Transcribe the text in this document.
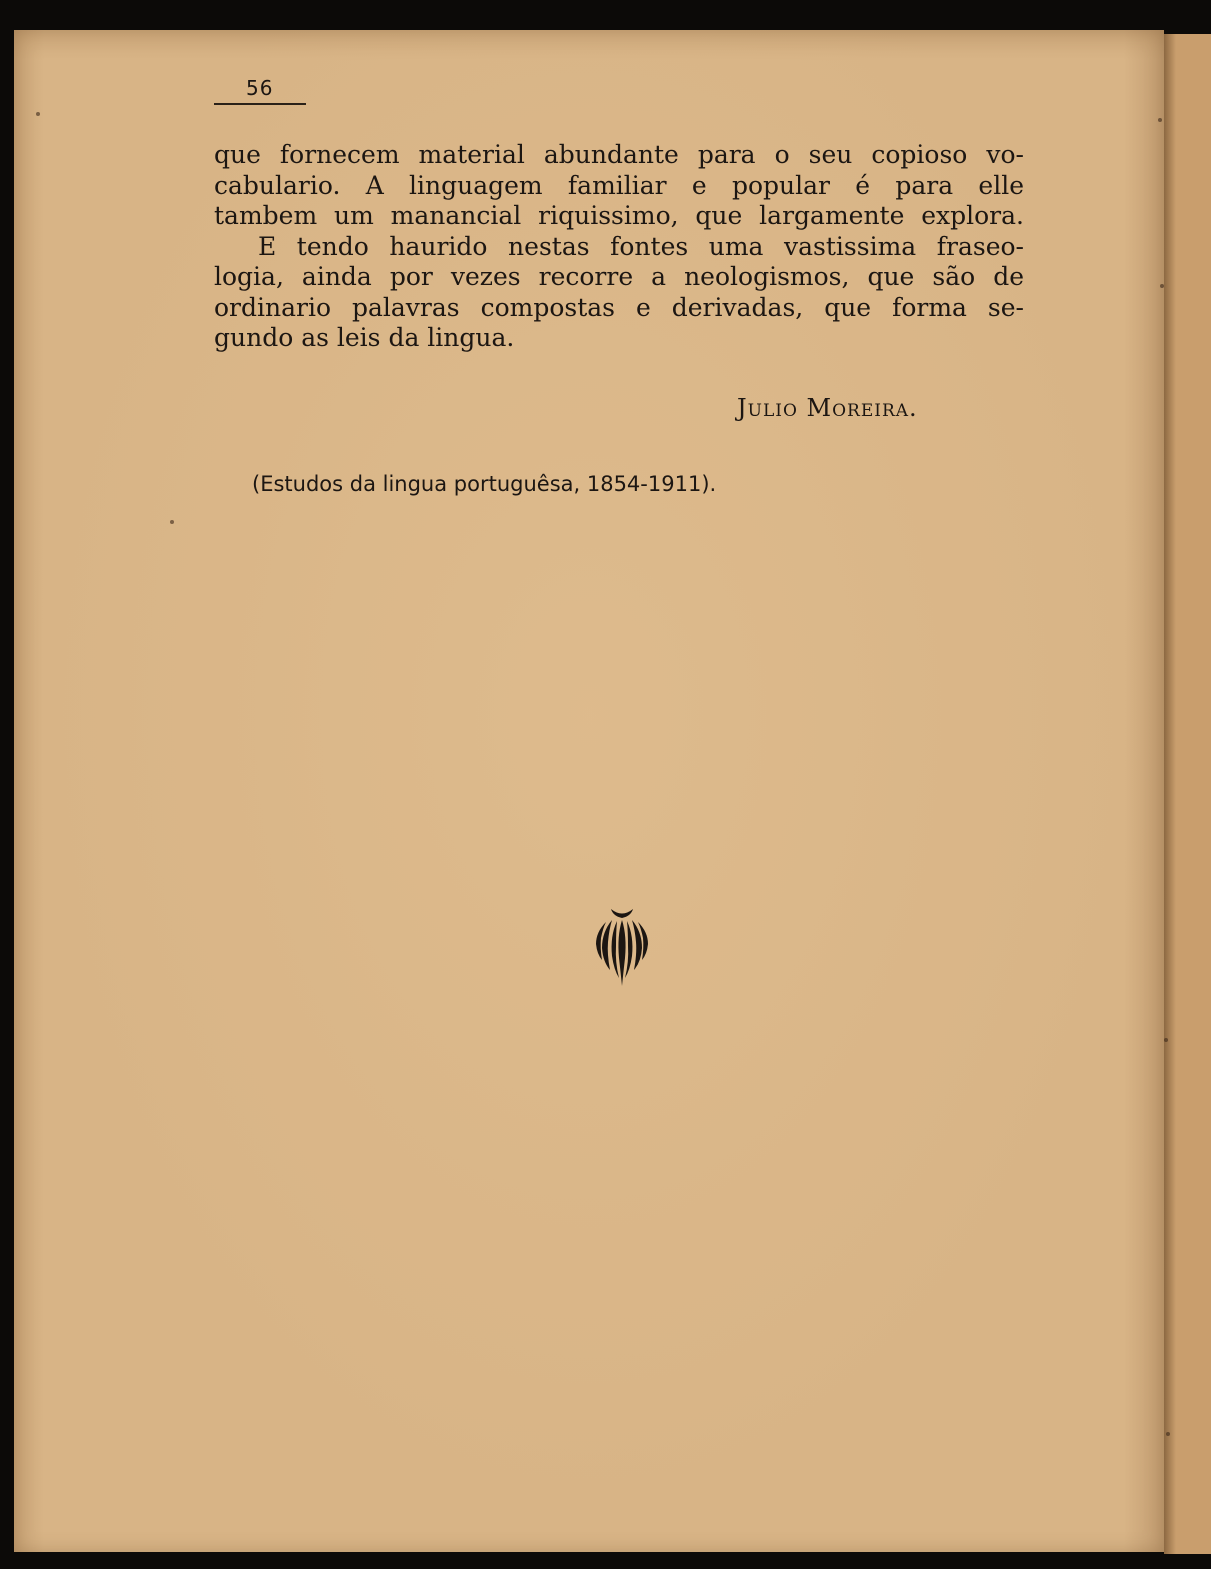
56
que fornecem material abundante para o seu copioso vo-
cabulario. A linguagem familiar e popular é para elle
tambem um manancial riquissimo, que largamente explora.
E tendo haurido nestas fontes uma vastissima fraseo-
logia, ainda por vezes recorre a neologismos, que são de
ordinario palavras compostas e derivadas, que forma se-
gundo as leis da lingua.
Julio Moreira.
(Estudos da lingua portuguêsa, 1854-1911).
